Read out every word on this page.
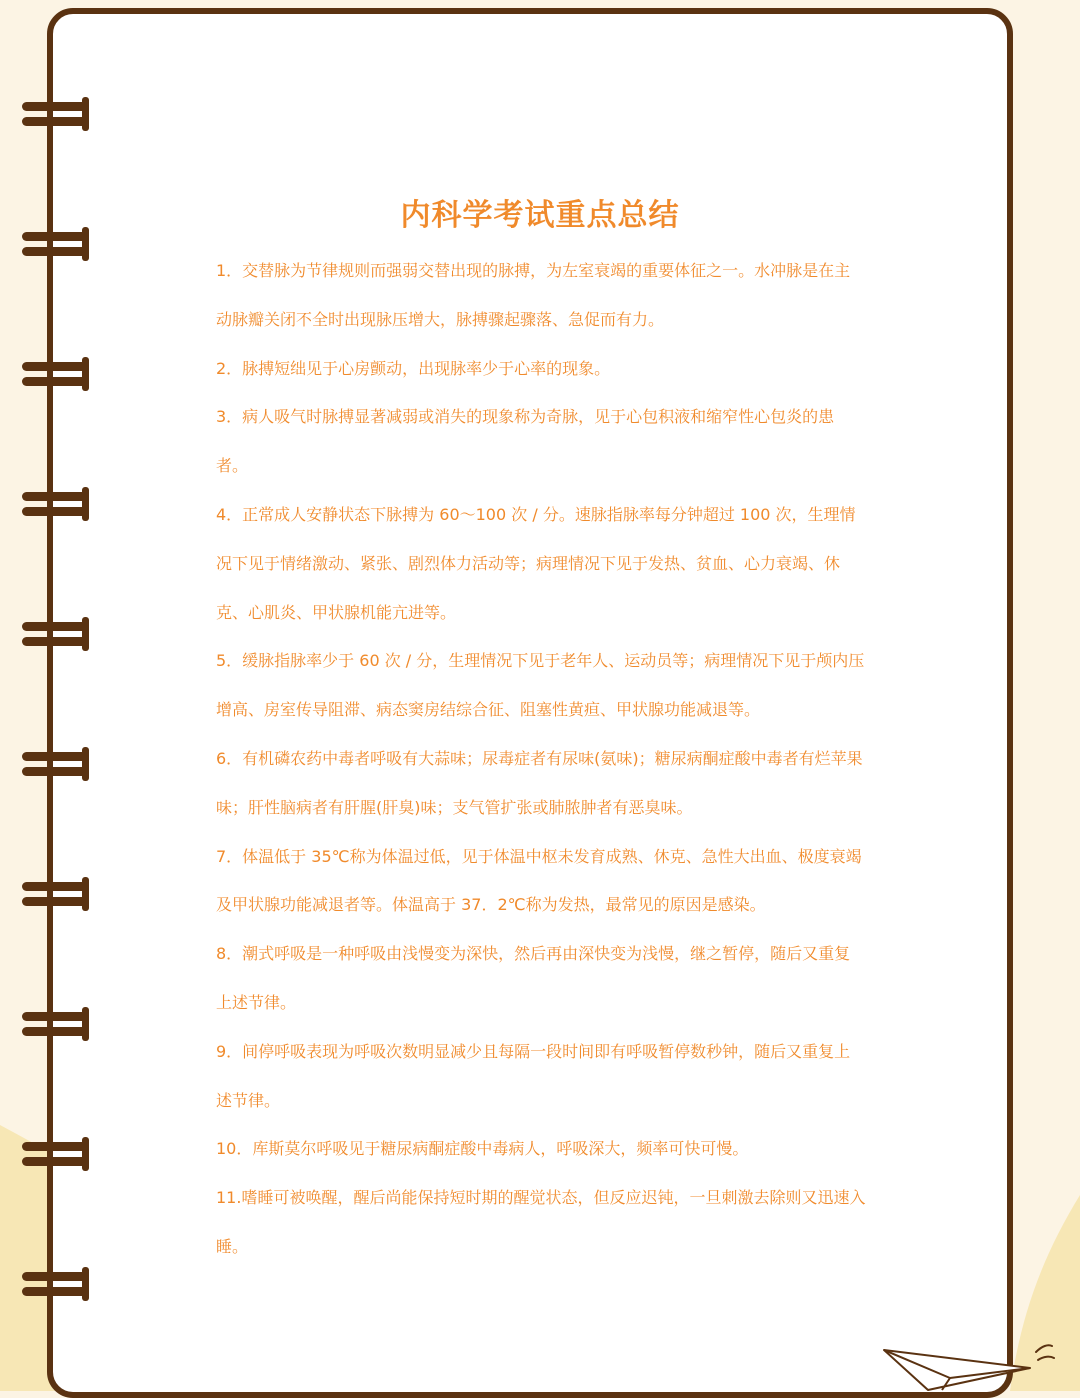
内科学考试重点总结

1．交替脉为节律规则而强弱交替出现的脉搏，为左室衰竭的重要体征之一。水冲脉是在主动脉瓣关闭不全时出现脉压增大，脉搏骤起骤落、急促而有力。

2．脉搏短绌见于心房颤动，出现脉率少于心率的现象。

3．病人吸气时脉搏显著减弱或消失的现象称为奇脉，见于心包积液和缩窄性心包炎的患者。

4．正常成人安静状态下脉搏为 60～100 次 / 分。速脉指脉率每分钟超过 100 次，生理情况下见于情绪激动、紧张、剧烈体力活动等；病理情况下见于发热、贫血、心力衰竭、休克、心肌炎、甲状腺机能亢进等。

5．缓脉指脉率少于 60 次 / 分，生理情况下见于老年人、运动员等；病理情况下见于颅内压增高、房室传导阻滞、病态窦房结综合征、阻塞性黄疸、甲状腺功能减退等。

6．有机磷农药中毒者呼吸有大蒜味；尿毒症者有尿味(氨味)；糖尿病酮症酸中毒者有烂苹果味；肝性脑病者有肝腥(肝臭)味；支气管扩张或肺脓肿者有恶臭味。

7．体温低于 35℃称为体温过低，见于体温中枢未发育成熟、休克、急性大出血、极度衰竭及甲状腺功能减退者等。体温高于 37．2℃称为发热，最常见的原因是感染。

8．潮式呼吸是一种呼吸由浅慢变为深快，然后再由深快变为浅慢，继之暂停，随后又重复上述节律。

9．间停呼吸表现为呼吸次数明显减少且每隔一段时间即有呼吸暂停数秒钟，随后又重复上述节律。

10．库斯莫尔呼吸见于糖尿病酮症酸中毒病人，呼吸深大，频率可快可慢。

11.嗜睡可被唤醒，醒后尚能保持短时期的醒觉状态，但反应迟钝，一旦刺激去除则又迅速入睡。
